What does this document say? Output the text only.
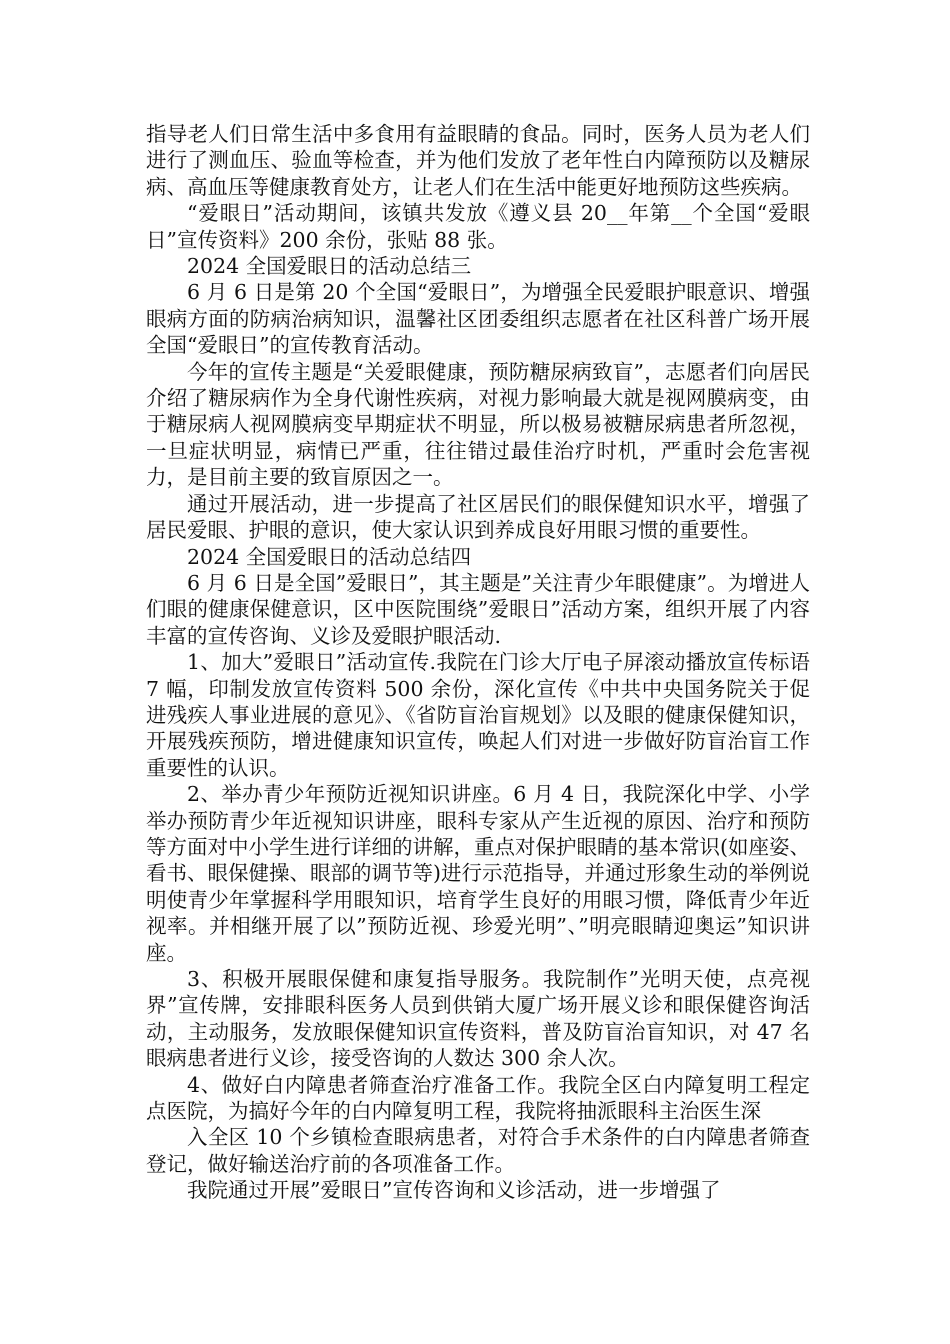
指导老人们日常生活中多食用有益眼睛的食品。同时，医务人员为老人们进行了测血压、验血等检查，并为他们发放了老年性白内障预防以及糖尿病、高血压等健康教育处方，让老人们在生活中能更好地预防这些疾病。

“爱眼日”活动期间，该镇共发放《遵义县 20__年第__个全国“爱眼日”宣传资料》200 余份，张贴 88 张。

2024 全国爱眼日的活动总结三

6 月 6 日是第 20 个全国“爱眼日”，为增强全民爱眼护眼意识、增强眼病方面的防病治病知识，温馨社区团委组织志愿者在社区科普广场开展全国“爱眼日”的宣传教育活动。

今年的宣传主题是“关爱眼健康，预防糖尿病致盲”，志愿者们向居民介绍了糖尿病作为全身代谢性疾病，对视力影响最大就是视网膜病变，由于糖尿病人视网膜病变早期症状不明显，所以极易被糖尿病患者所忽视，一旦症状明显，病情已严重，往往错过最佳治疗时机，严重时会危害视力，是目前主要的致盲原因之一。

通过开展活动，进一步提高了社区居民们的眼保健知识水平，增强了居民爱眼、护眼的意识，使大家认识到养成良好用眼习惯的重要性。

2024 全国爱眼日的活动总结四

6 月 6 日是全国”爱眼日”，其主题是”关注青少年眼健康”。为增进人们眼的健康保健意识，区中医院围绕”爱眼日”活动方案，组织开展了内容丰富的宣传咨询、义诊及爱眼护眼活动.

1、加大”爱眼日”活动宣传.我院在门诊大厅电子屏滚动播放宣传标语 7 幅，印制发放宣传资料 500 余份，深化宣传《中共中央国务院关于促进残疾人事业进展的意见》、《省防盲治盲规划》以及眼的健康保健知识，开展残疾预防，增进健康知识宣传，唤起人们对进一步做好防盲治盲工作重要性的认识。

2、举办青少年预防近视知识讲座。6 月 4 日，我院深化中学、小学举办预防青少年近视知识讲座，眼科专家从产生近视的原因、治疗和预防等方面对中小学生进行详细的讲解，重点对保护眼睛的基本常识(如座姿、看书、眼保健操、眼部的调节等)进行示范指导，并通过形象生动的举例说明使青少年掌握科学用眼知识，培育学生良好的用眼习惯，降低青少年近视率。并相继开展了以”预防近视、珍爱光明”、”明亮眼睛迎奥运”知识讲座。

3、积极开展眼保健和康复指导服务。我院制作”光明天使，点亮视界”宣传牌，安排眼科医务人员到供销大厦广场开展义诊和眼保健咨询活动，主动服务，发放眼保健知识宣传资料，普及防盲治盲知识，对 47 名眼病患者进行义诊，接受咨询的人数达 300 余人次。

4、做好白内障患者筛查治疗准备工作。我院全区白内障复明工程定点医院，为搞好今年的白内障复明工程，我院将抽派眼科主治医生深

入全区 10 个乡镇检查眼病患者，对符合手术条件的白内障患者筛查登记，做好输送治疗前的各项准备工作。

我院通过开展”爱眼日”宣传咨询和义诊活动，进一步增强了
